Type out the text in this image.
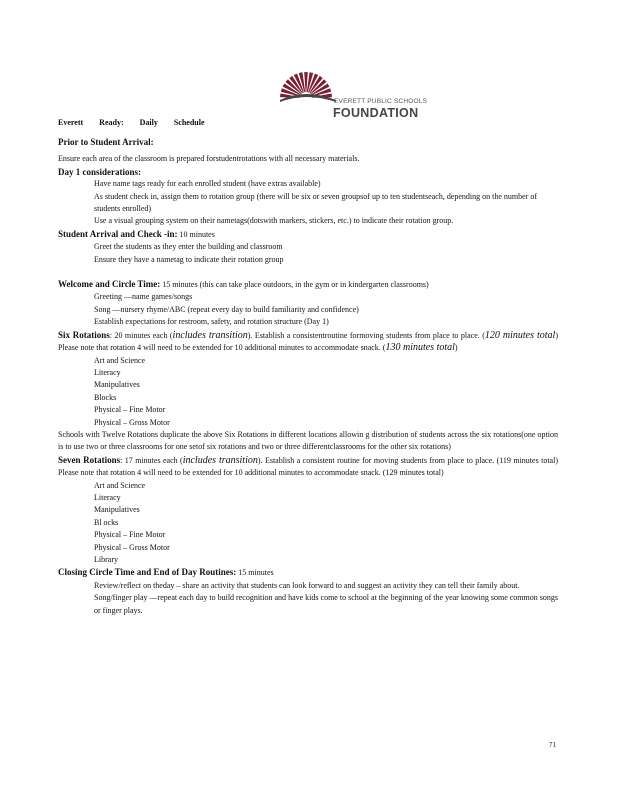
EVERETT PUBLIC SCHOOLS
FOUNDATION
Everett Ready: Daily Schedule

Prior to Student Arrival:

Ensure each area of the classroom is prepared forstudentrotations with all necessary materials.

Day 1 considerations:

Have name tags ready for each enrolled student (have extras available)
As student check in, assign them to rotation group (there will be six or seven groupsof up to ten studentseach, depending on the number of students enrolled)
Use a visual grouping system on their nametags(dotswith markers, stickers, etc.) to indicate their rotation group.

Student Arrival and Check -in: 10 minutes

Greet the students as they enter the building and classroom
Ensure they have a nametag to indicate their rotation group

Welcome and Circle Time: 15 minutes (this can take place outdoors, in the gym or in kindergarten classrooms)

Greeting —name games/songs
Song —nursery rhyme/ABC (repeat every day to build familiarity and confidence)
Establish expectations for restroom, safety, and rotation structure (Day 1)

Six Rotations: 20 minutes each (includes transition). Establish a consistentroutine formoving students from place to place. (120 minutes total) Please note that rotation 4 will need to be extended for 10 additional minutes to accommodate snack. (130 minutes total)

Art and Science
Literacy
Manipulatives
Blocks
Physical – Fine Motor
Physical – Gross Motor

Schools with Twelve Rotations duplicate the above Six Rotations in different locations allowin g distribution of students across the six rotations(one option is to use two or three classrooms for one setof six rotations and two or three differentclassrooms for the other six rotations)

Seven Rotations: 17 minutes each (includes transition). Establish a consistent routine for moving students from place to place. (119 minutes total) Please note that rotation 4 will need to be extended for 10 additional minutes to accommodate snack. (129 minutes total)

Art and Science
Literacy
Manipulatives
Bl ocks
Physical – Fine Motor
Physical – Gross Motor
Library

Closing Circle Time and End of Day Routines: 15 minutes

Review/reflect on theday – share an activity that students can look forward to and suggest an activity they can tell their family about.
Song/finger play —repeat each day to build recognition and have kids come to school at the beginning of the year knowing some common songs or finger plays.
71
